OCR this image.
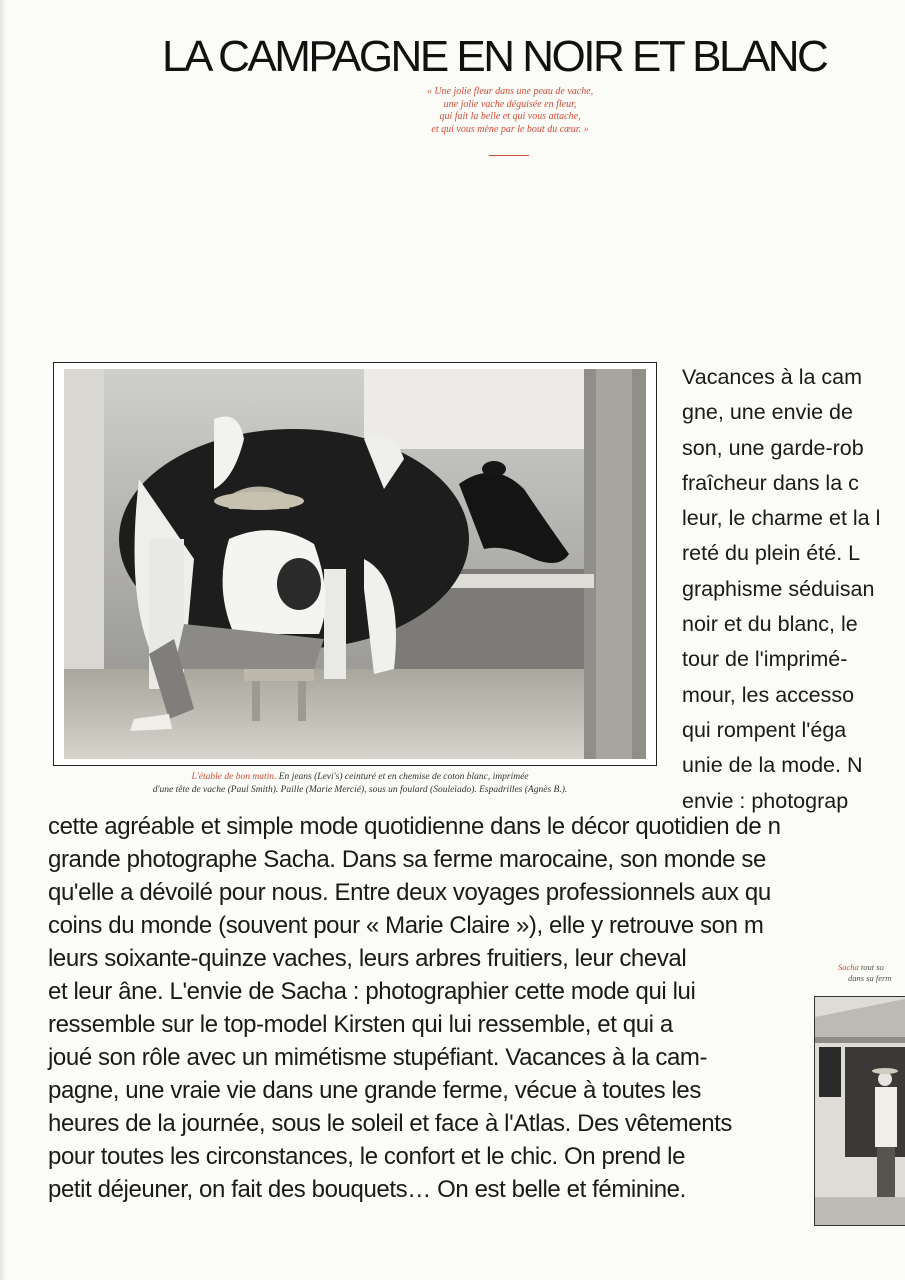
LA CAMPAGNE EN NOIR ET BLANC
« Une jolie fleur dans une peau de vache,
une jolie vache déguisée en fleur,
qui fait la belle et qui vous attache,
et qui vous mène par le bout du cœur. »
L'étable de bon matin. En jeans (Levi's) ceinturé et en chemise de coton blanc, imprimée
d'une tête de vache (Paul Smith). Paille (Marie Mercié), sous un foulard (Souleïado). Espadrilles (Agnès B.).
Vacances à la cam
gne, une envie de
son, une garde-rob
fraîcheur dans la c
leur, le charme et la l
reté du plein été. L
graphisme séduisan
noir et du blanc, le
tour de l'imprimé-
mour, les accesso
qui rompent l'éga
unie de la mode. N
envie : photograp
cette agréable et simple mode quotidienne dans le décor quotidien de n
grande photographe Sacha. Dans sa ferme marocaine, son monde se
qu'elle a dévoilé pour nous. Entre deux voyages professionnels aux qu
coins du monde (souvent pour « Marie Claire »), elle y retrouve son m
leurs soixante-quinze vaches, leurs arbres fruitiers, leur cheval
et leur âne. L'envie de Sacha : photographier cette mode qui lui
ressemble sur le top-model Kirsten qui lui ressemble, et qui a
joué son rôle avec un mimétisme stupéfiant. Vacances à la cam-
pagne, une vraie vie dans une grande ferme, vécue à toutes les
heures de la journée, sous le soleil et face à l'Atlas. Des vêtements
pour toutes les circonstances, le confort et le chic. On prend le
petit déjeuner, on fait des bouquets… On est belle et féminine.
Sacha tout so
dans sa ferm
